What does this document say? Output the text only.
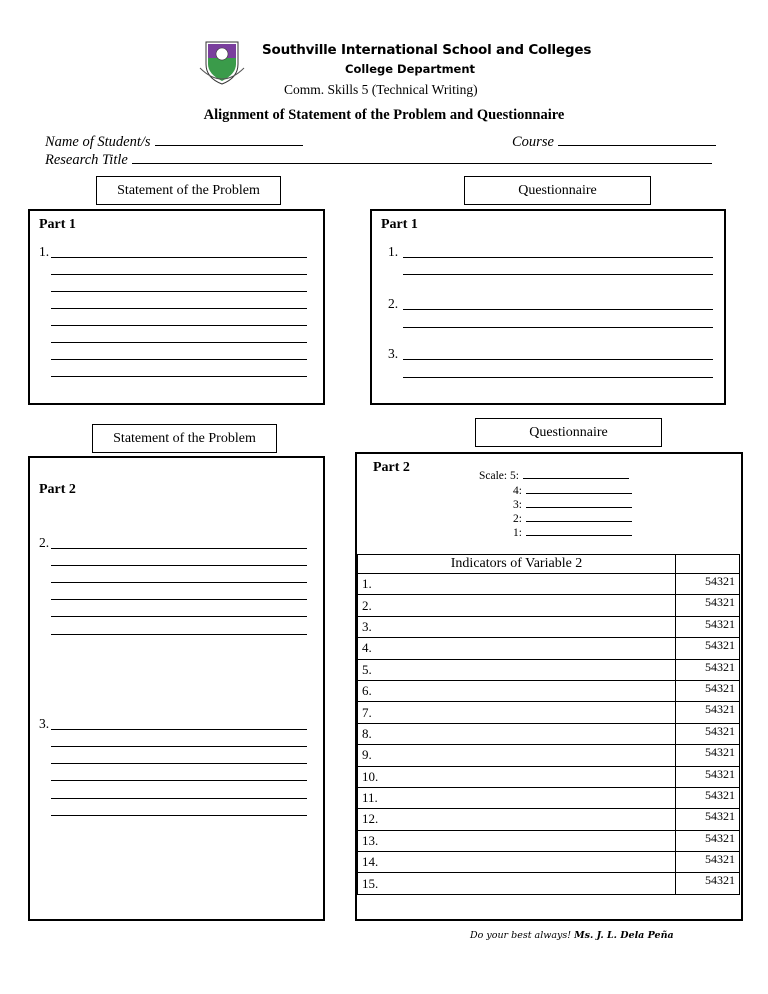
Southville International School and Colleges
College Department
Comm. Skills 5 (Technical Writing)
Alignment of Statement of the Problem and Questionnaire
Name of Student/s	Course
Research Title
Statement of the Problem	Questionnaire
Part 1
1.
Part 1
1.
2.
3.
Statement of the Problem	Questionnaire
Part 2
2.
3.
Part 2
Scale: 5:
4:
3:
2:
1:
Indicators of Variable 2	
1.	54321
2.	54321
3.	54321
4.	54321
5.	54321
6.	54321
7.	54321
8.	54321
9.	54321
10.	54321
11.	54321
12.	54321
13.	54321
14.	54321
15.	54321
Do your best always! Ms. J. L. Dela Peña
